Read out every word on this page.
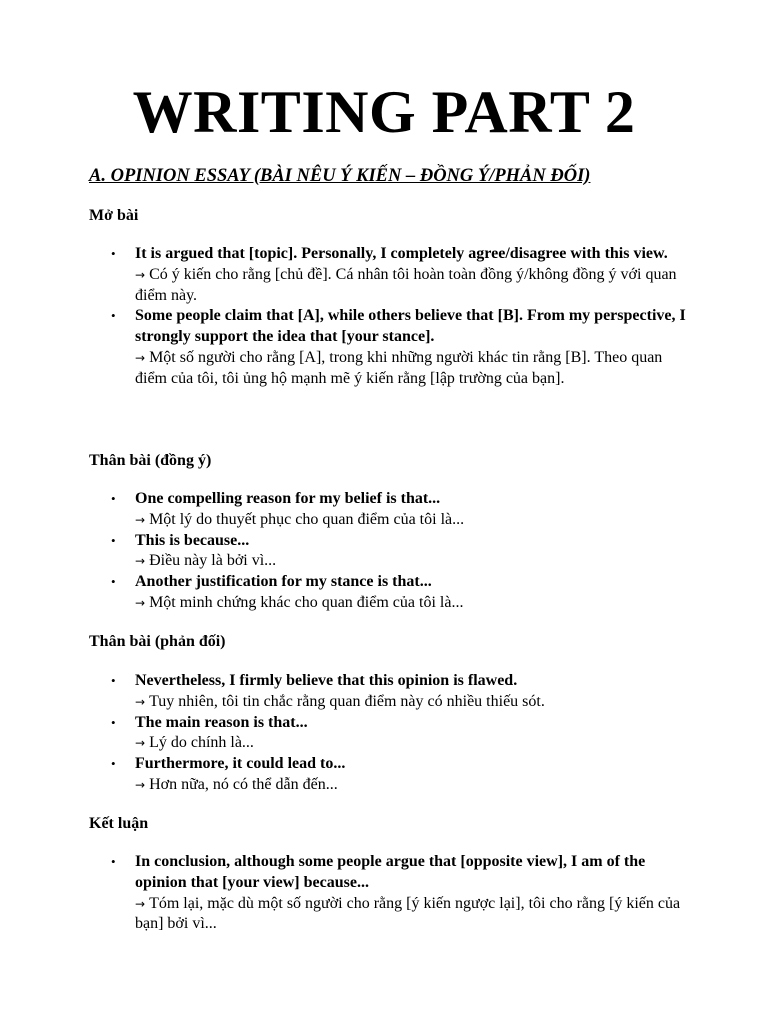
WRITING PART 2
A. OPINION ESSAY (BÀI NÊU Ý KIẾN – ĐỒNG Ý/PHẢN ĐỐI)
Mở bài
• It is argued that [topic]. Personally, I completely agree/disagree with this view.
→ Có ý kiến cho rằng [chủ đề]. Cá nhân tôi hoàn toàn đồng ý/không đồng ý với quan điểm này.
• Some people claim that [A], while others believe that [B]. From my perspective, I strongly support the idea that [your stance].
→ Một số người cho rằng [A], trong khi những người khác tin rằng [B]. Theo quan điểm của tôi, tôi ủng hộ mạnh mẽ ý kiến rằng [lập trường của bạn].
Thân bài (đồng ý)
• One compelling reason for my belief is that...
→ Một lý do thuyết phục cho quan điểm của tôi là...
• This is because...
→ Điều này là bởi vì...
• Another justification for my stance is that...
→ Một minh chứng khác cho quan điểm của tôi là...
Thân bài (phản đối)
• Nevertheless, I firmly believe that this opinion is flawed.
→ Tuy nhiên, tôi tin chắc rằng quan điểm này có nhiều thiếu sót.
• The main reason is that...
→ Lý do chính là...
• Furthermore, it could lead to...
→ Hơn nữa, nó có thể dẫn đến...
Kết luận
• In conclusion, although some people argue that [opposite view], I am of the opinion that [your view] because...
→ Tóm lại, mặc dù một số người cho rằng [ý kiến ngược lại], tôi cho rằng [ý kiến của bạn] bởi vì...
